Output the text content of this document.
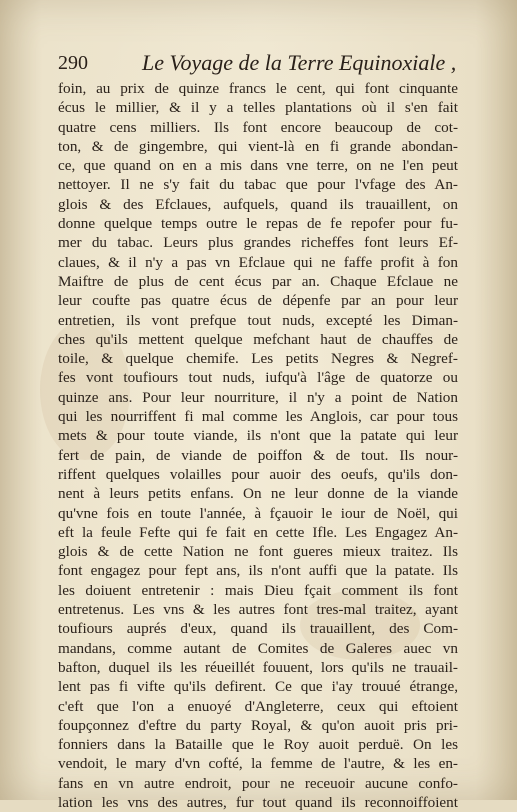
290 Le Voyage de la Terre Equinoxiale ,
foin, au prix de quinze francs le cent, qui font cinquante
écus le millier, & il y a telles plantations où il s'en fait
quatre cens milliers. Ils font encore beaucoup de cot-
ton, & de gingembre, qui vient-là en fi grande abondan-
ce, que quand on en a mis dans vne terre, on ne l'en peut
nettoyer. Il ne s'y fait du tabac que pour l'vfage des An-
glois & des Efclaues, aufquels, quand ils trauaillent, on
donne quelque temps outre le repas de fe repofer pour fu-
mer du tabac. Leurs plus grandes richeffes font leurs Ef-
claues, & il n'y a pas vn Efclaue qui ne faffe profit à fon
Maiftre de plus de cent écus par an. Chaque Efclaue ne
leur coufte pas quatre écus de dépenfe par an pour leur
entretien, ils vont prefque tout nuds, excepté les Diman-
ches qu'ils mettent quelque mefchant haut de chauffes de
toile, & quelque chemife. Les petits Negres & Negref-
fes vont toufiours tout nuds, iufqu'à l'âge de quatorze ou
quinze ans. Pour leur nourriture, il n'y a point de Nation
qui les nourriffent fi mal comme les Anglois, car pour tous
mets & pour toute viande, ils n'ont que la patate qui leur
fert de pain, de viande de poiffon & de tout. Ils nour-
riffent quelques volailles pour auoir des oeufs, qu'ils don-
nent à leurs petits enfans. On ne leur donne de la viande
qu'vne fois en toute l'année, à fçauoir le iour de Noël, qui
eft la feule Fefte qui fe fait en cette Ifle. Les Engagez An-
glois & de cette Nation ne font gueres mieux traitez. Ils
font engagez pour fept ans, ils n'ont auffi que la patate. Ils
les doiuent entretenir : mais Dieu fçait comment ils font
entretenus. Les vns & les autres font tres-mal traitez, ayant
toufiours auprés d'eux, quand ils trauaillent, des Com-
mandans, comme autant de Comites de Galeres auec vn
bafton, duquel ils les réueillét fouuent, lors qu'ils ne trauail-
lent pas fi vifte qu'ils defirent. Ce que i'ay trouué étrange,
c'eft que l'on a enuoyé d'Angleterre, ceux qui eftoient
foupçonnez d'eftre du party Royal, & qu'on auoit pris pri-
fonniers dans la Bataille que le Roy auoit perduë. On les
vendoit, le mary d'vn cofté, la femme de l'autre, & les en-
fans en vn autre endroit, pour ne receuoir aucune confo-
lation les vns des autres, fur tout quand ils reconnoiffoient
